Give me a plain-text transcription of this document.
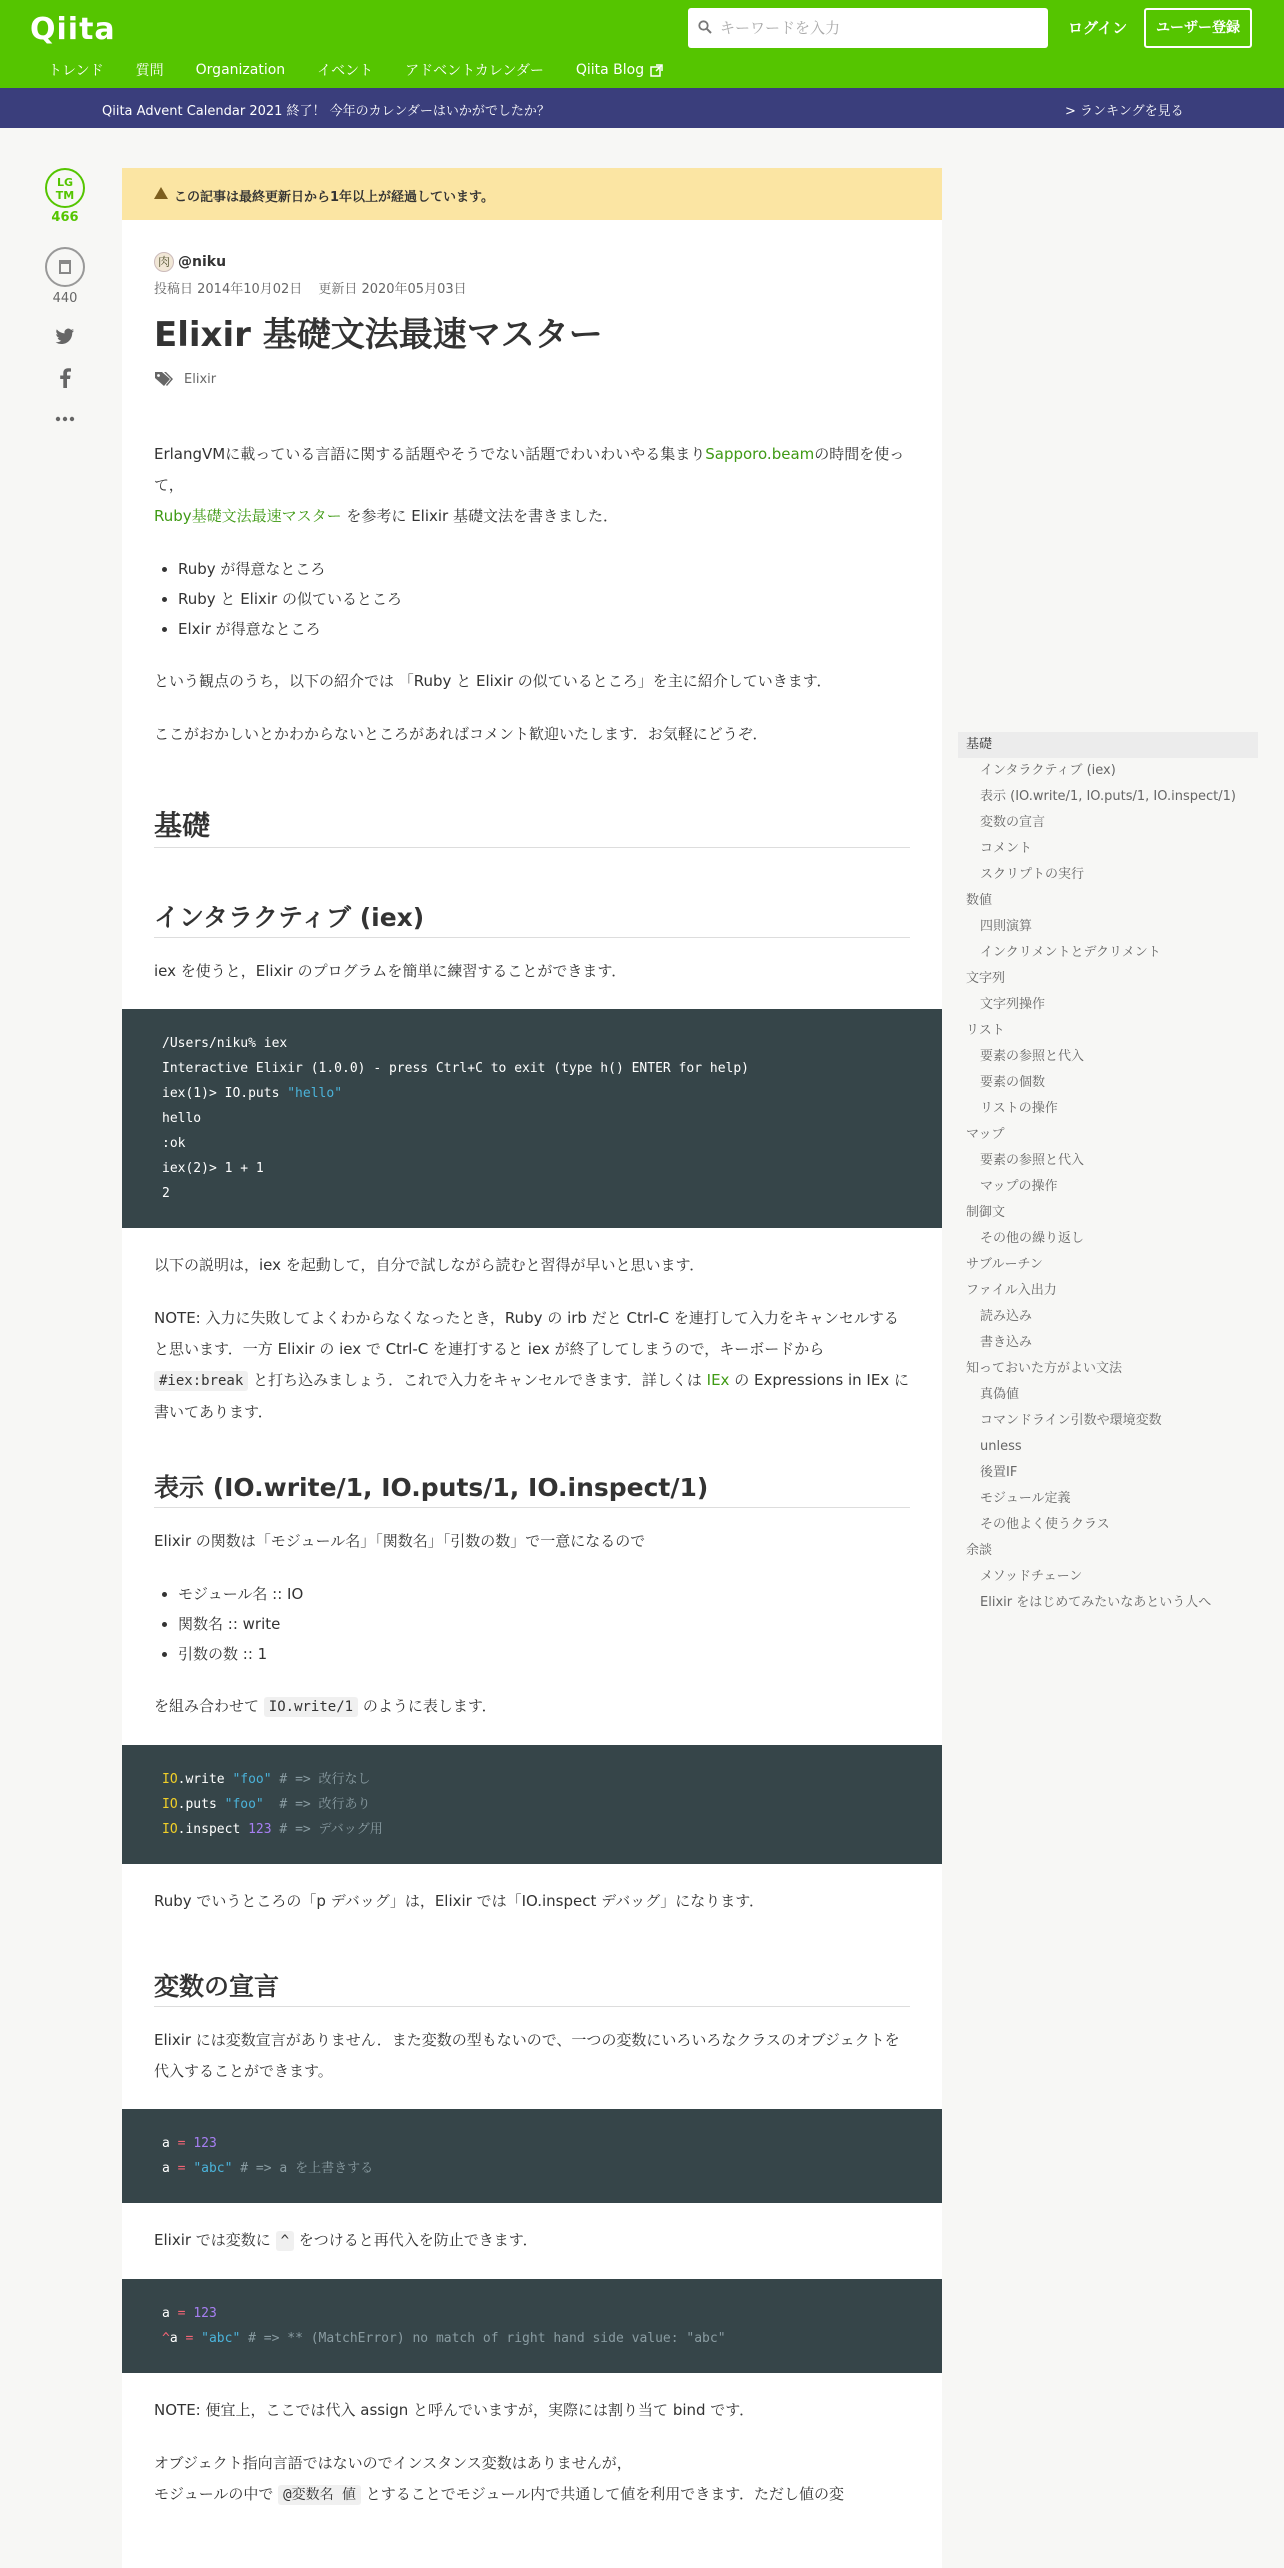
Qiita
キーワードを入力	ログイン	ユーザー登録
トレンド 質問 Organization イベント アドベントカレンダー Qiita Blog
Qiita Advent Calendar 2021 終了！ 今年のカレンダーはいかがでしたか？	> ランキングを見る
LG
TM
466
440
この記事は最終更新日から1年以上が経過しています。
肉 @niku
投稿日 2014年10月02日 更新日 2020年05月03日
Elixir 基礎文法最速マスター
Elixir

ErlangVMに載っている言語に関する話題やそうでない話題でわいわいやる集まりSapporo.beamの時間を使って，
Ruby基礎文法最速マスター を参考に Elixir 基礎文法を書きました．

• Ruby が得意なところ
• Ruby と Elixir の似ているところ
• Elxir が得意なところ

という観点のうち，以下の紹介では 「Ruby と Elixir の似ているところ」を主に紹介していきます．

ここがおかしいとかわからないところがあればコメント歓迎いたします．お気軽にどうぞ．

基礎
インタラクティブ (iex)

iex を使うと，Elixir のプログラムを簡単に練習することができます．

/Users/niku% iex
Interactive Elixir (1.0.0) - press Ctrl+C to exit (type h() ENTER for help)
iex(1)> IO.puts "hello"
hello
:ok
iex(2)> 1 + 1
2

以下の説明は，iex を起動して，自分で試しながら読むと習得が早いと思います．

NOTE: 入力に失敗してよくわからなくなったとき，Ruby の irb だと Ctrl-C を連打して入力をキャンセルすると思います．一方 Elixir の iex で Ctrl-C を連打すると iex が終了してしまうので，キーボードから #iex:break と打ち込みましょう．これで入力をキャンセルできます．詳しくは IEx の Expressions in IEx に書いてあります．

表示 (IO.write/1, IO.puts/1, IO.inspect/1)

Elixir の関数は「モジュール名」「関数名」「引数の数」で一意になるので

• モジュール名 :: IO
• 関数名 :: write
• 引数の数 :: 1

を組み合わせて IO.write/1 のように表します．

IO.write "foo" # => 改行なし
IO.puts "foo"  # => 改行あり
IO.inspect 123 # => デバッグ用

Ruby でいうところの「p デバッグ」は，Elixir では「IO.inspect デバッグ」になります．

変数の宣言

Elixir には変数宣言がありません．また変数の型もないので、一つの変数にいろいろなクラスのオブジェクトを代入することができます。

a = 123
a = "abc" # => a を上書きする

Elixir では変数に ^ をつけると再代入を防止できます．

a = 123
^a = "abc" # => ** (MatchError) no match of right hand side value: "abc"

NOTE: 便宜上，ここでは代入 assign と呼んでいますが，実際には割り当て bind です．

オブジェクト指向言語ではないのでインスタンス変数はありませんが，
モジュールの中で @変数名 値 とすることでモジュール内で共通して値を利用できます．ただし値の変

基礎
インタラクティブ (iex)
表示 (IO.write/1, IO.puts/1, IO.inspect/1)
変数の宣言
コメント
スクリプトの実行
数値
四則演算
インクリメントとデクリメント
文字列
文字列操作
リスト
要素の参照と代入
要素の個数
リストの操作
マップ
要素の参照と代入
マップの操作
制御文
その他の繰り返し
サブルーチン
ファイル入出力
読み込み
書き込み
知っておいた方がよい文法
真偽値
コマンドライン引数や環境変数
unless
後置IF
モジュール定義
その他よく使うクラス
余談
メソッドチェーン
Elixir をはじめてみたいなあという人へ
